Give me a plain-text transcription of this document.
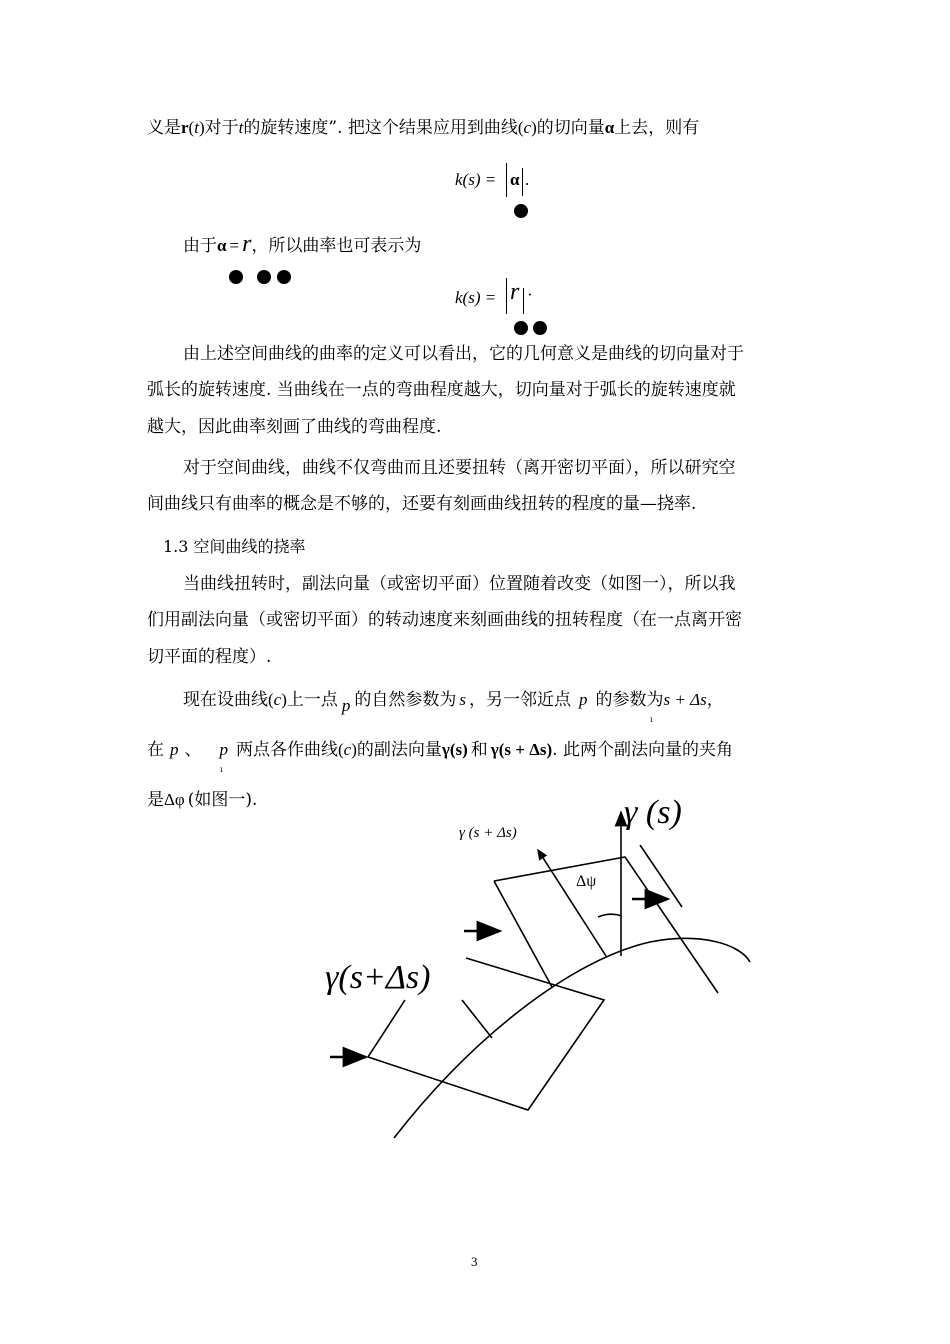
义是r(t)对于t的旋转速度”. 把这个结果应用到曲线(c)的切向量α上去，则有
k(s) = α .
由于α = r，所以曲率也可表示为
k(s) = r ·
由上述空间曲线的曲率的定义可以看出，它的几何意义是曲线的切向量对于
弧长的旋转速度. 当曲线在一点的弯曲程度越大，切向量对于弧长的旋转速度就
越大，因此曲率刻画了曲线的弯曲程度.
对于空间曲线，曲线不仅弯曲而且还要扭转（离开密切平面），所以研究空
间曲线只有曲率的概念是不够的，还要有刻画曲线扭转的程度的量—挠率.
1.3 空间曲线的挠率
当曲线扭转时，副法向量（或密切平面）位置随着改变（如图一），所以我
们用副法向量（或密切平面）的转动速度来刻画曲线的扭转程度（在一点离开密
切平面的程度）.
现在设曲线(c)上一点 p 的自然参数为 s ，另一邻近点 p 的参数为s + Δs，
ı
在 p 、 p 两点各作曲线(c)的副法向量γ(s) 和 γ(s + Δs). 此两个副法向量的夹角
ı
是Δφ (如图一).	γ (s)
γ (s + Δs)
Δψ
γ(s+Δs)
3
